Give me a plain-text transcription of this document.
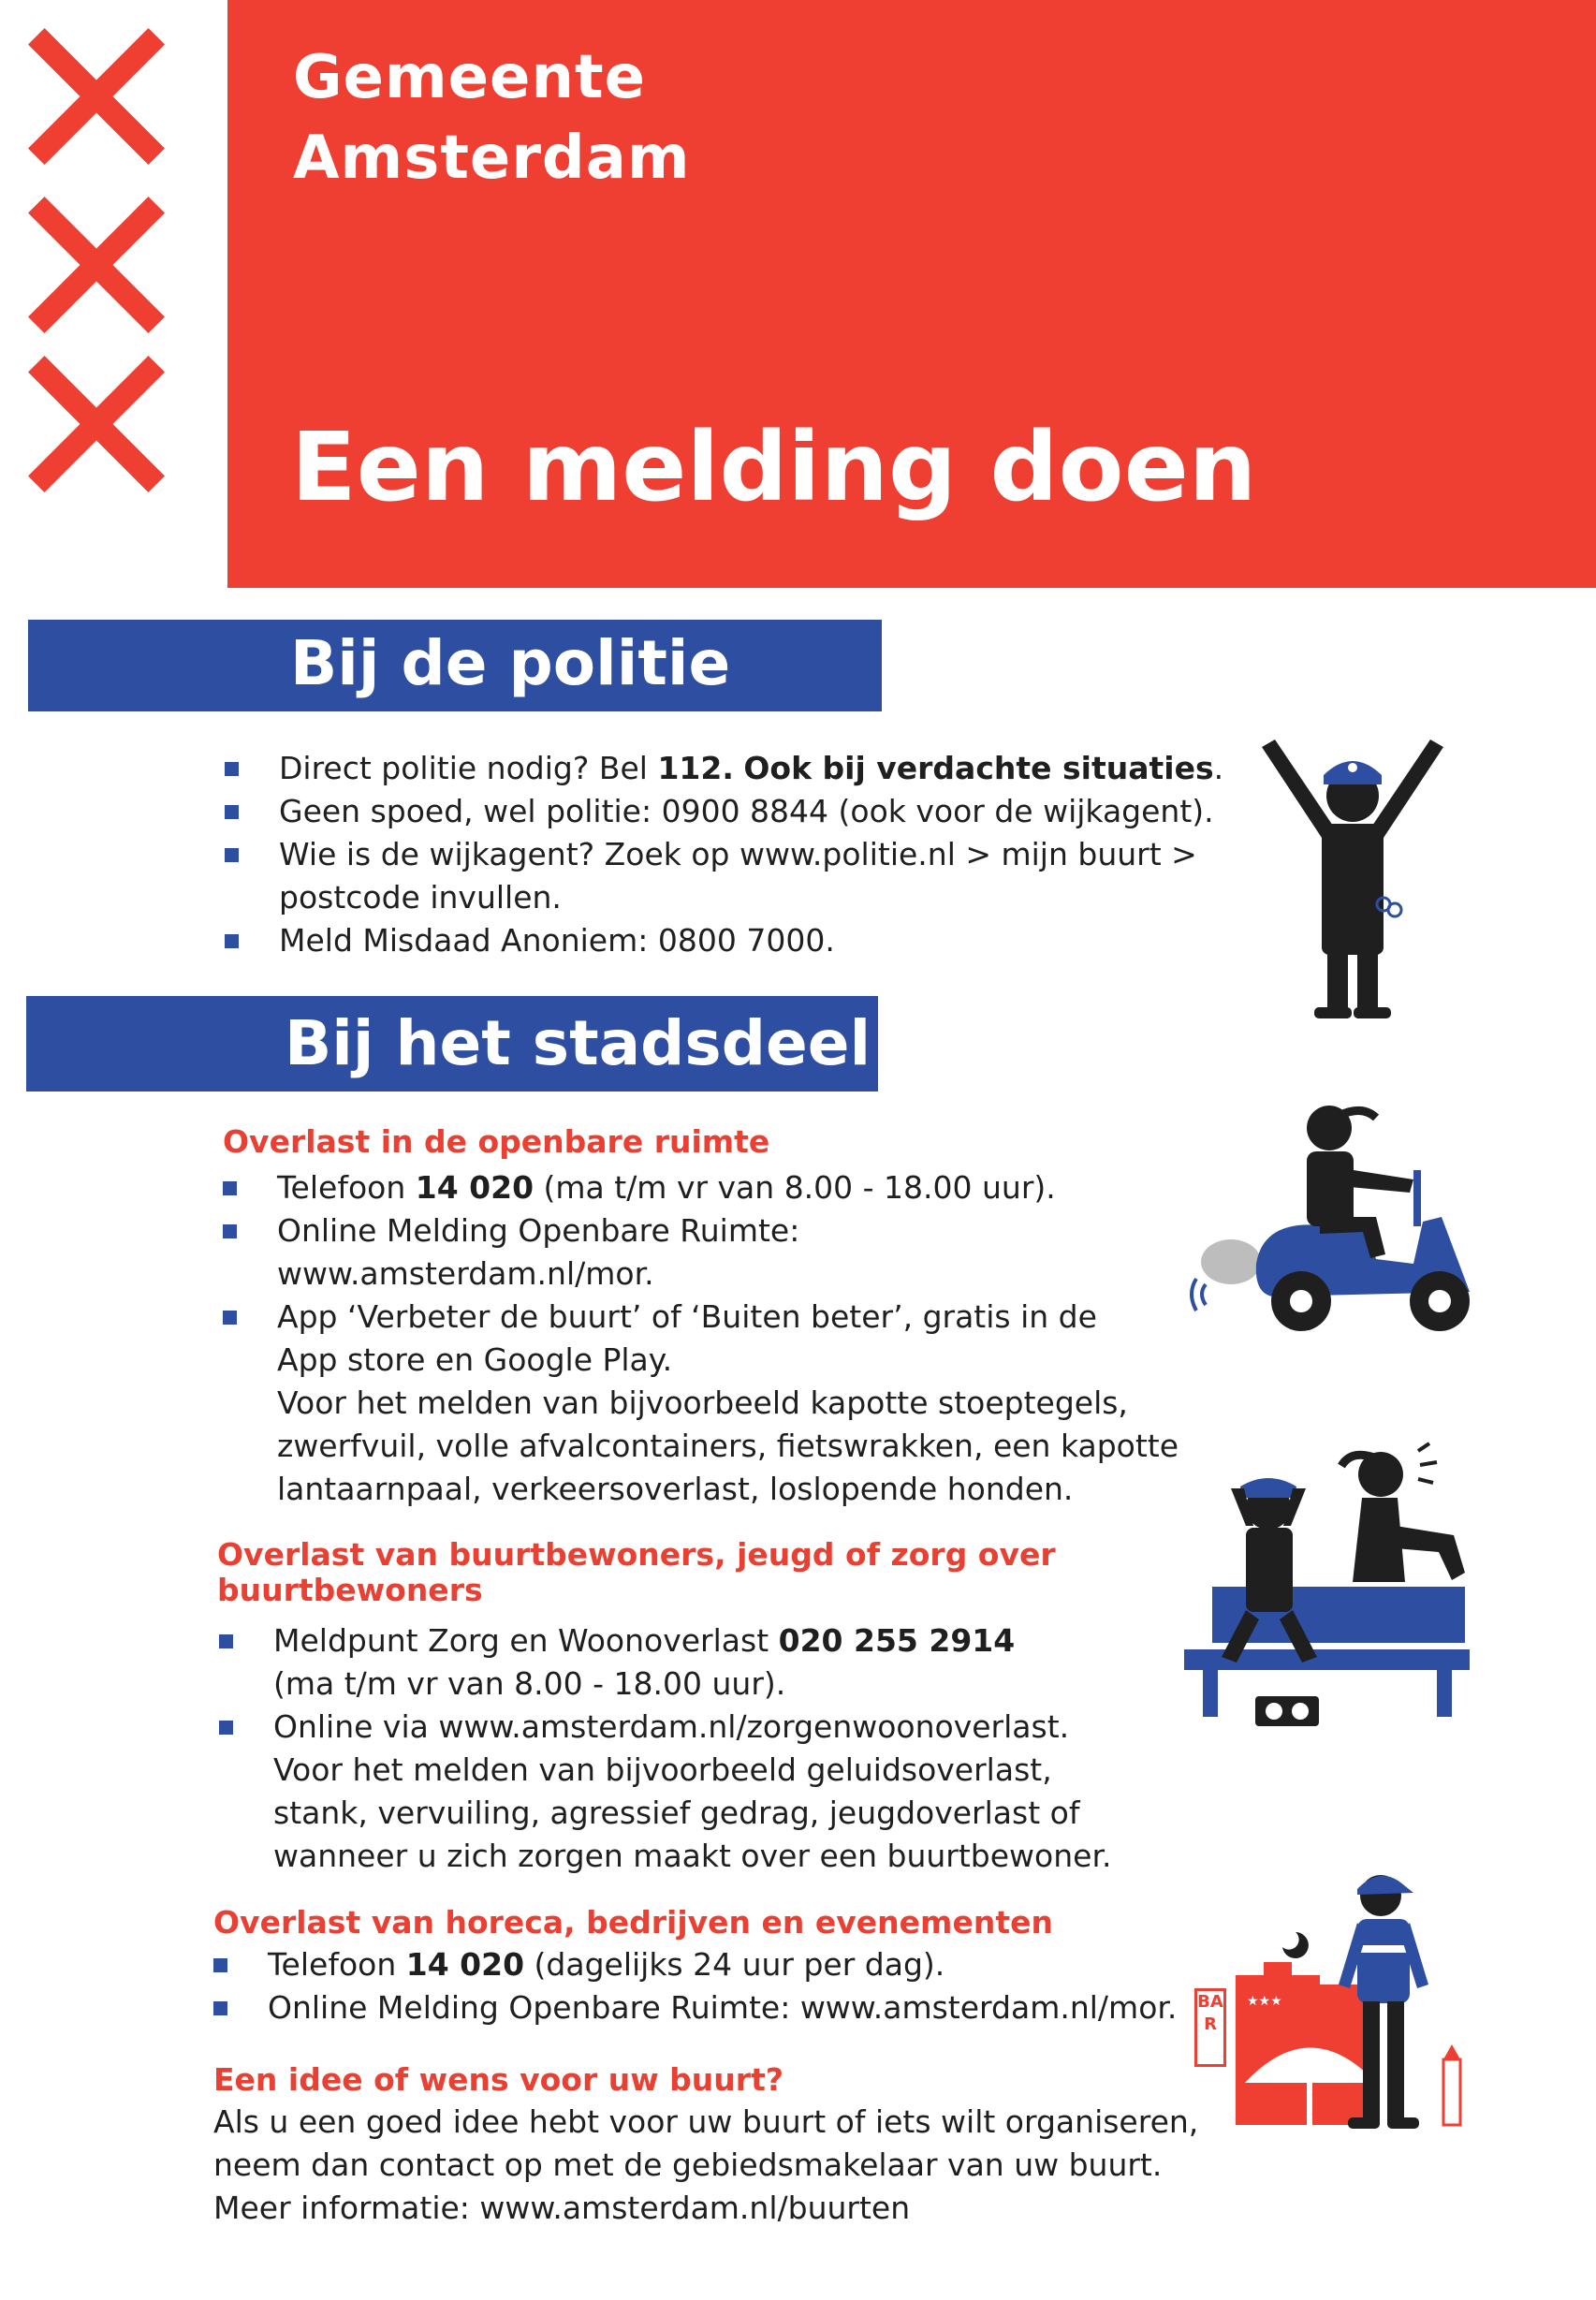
Gemeente
Amsterdam
Een melding doen
Bij de politie
Direct politie nodig? Bel 112. Ook bij verdachte situaties.
Geen spoed, wel politie: 0900 8844 (ook voor de wijkagent).
Wie is de wijkagent? Zoek op www.politie.nl > mijn buurt >
postcode invullen.
Meld Misdaad Anoniem: 0800 7000.
Bij het stadsdeel
Overlast in de openbare ruimte
Telefoon 14 020 (ma t/m vr van 8.00 - 18.00 uur).
Online Melding Openbare Ruimte:
www.amsterdam.nl/mor.
App ‘Verbeter de buurt’ of ‘Buiten beter’, gratis in de
App store en Google Play.
Voor het melden van bijvoorbeeld kapotte stoeptegels,
zwerfvuil, volle afvalcontainers, fietswrakken, een kapotte
lantaarnpaal, verkeersoverlast, loslopende honden.
Overlast van buurtbewoners, jeugd of zorg over
buurtbewoners
Meldpunt Zorg en Woonoverlast 020 255 2914
(ma t/m vr van 8.00 - 18.00 uur).
Online via www.amsterdam.nl/zorgenwoonoverlast.
Voor het melden van bijvoorbeeld geluidsoverlast,
stank, vervuiling, agressief gedrag, jeugdoverlast of
wanneer u zich zorgen maakt over een buurtbewoner.
Overlast van horeca, bedrijven en evenementen
Telefoon 14 020 (dagelijks 24 uur per dag).
Online Melding Openbare Ruimte: www.amsterdam.nl/mor.
Een idee of wens voor uw buurt?
Als u een goed idee hebt voor uw buurt of iets wilt organiseren,
neem dan contact op met de gebiedsmakelaar van uw buurt.
Meer informatie: www.amsterdam.nl/buurten
BAR
★★★
